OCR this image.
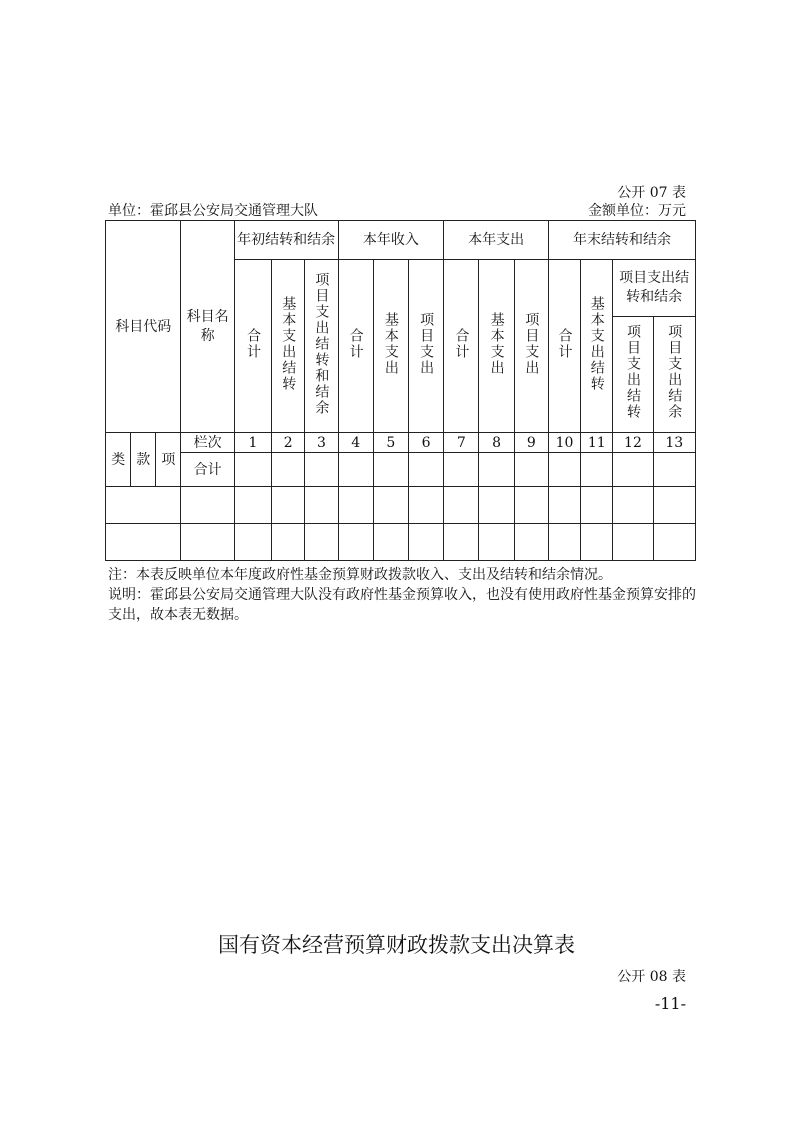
公开 07 表
单位：霍邱县公安局交通管理大队	金额单位：万元
科目代码			科目名称	年初结转和结余			本年收入			本年支出			年末结转和结余			
				合计	基本支出结转	项目支出结转和结余	合计	基本支出	项目支出	合计	基本支出	项目支出	合计	基本支出结转	项目支出结转和结余	

															项目支出结转	项目支出结余
类	款	项	栏次	1	2	3	4	5	6	7	8	9	10	11	12	13
			合计													

注：本表反映单位本年度政府性基金预算财政拨款收入、支出及结转和结余情况。
说明：霍邱县公安局交通管理大队没有政府性基金预算收入，也没有使用政府性基金预算安排的支出，故本表无数据。
国有资本经营预算财政拨款支出决算表
公开 08 表
-11-
